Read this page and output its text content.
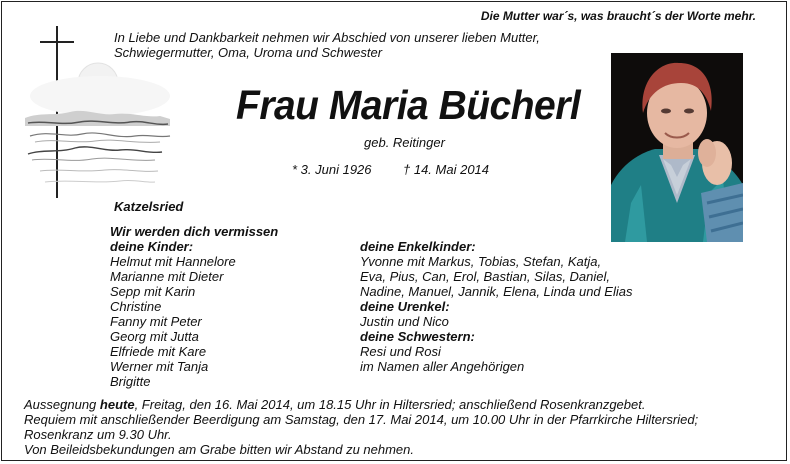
Die Mutter war´s, was braucht´s der Worte mehr.
In Liebe und Dankbarkeit nehmen wir Abschied von unserer lieben Mutter,
Schwiegermutter, Oma, Uroma und Schwester
Frau Maria Bücherl
geb. Reitinger
* 3. Juni 1926 † 14. Mai 2014
Katzelsried
Wir werden dich vermissen
deine Kinder:
Helmut mit Hannelore
Marianne mit Dieter
Sepp mit Karin
Christine
Fanny mit Peter
Georg mit Jutta
Elfriede mit Kare
Werner mit Tanja
Brigitte
deine Enkelkinder:
Yvonne mit Markus, Tobias, Stefan, Katja,
Eva, Pius, Can, Erol, Bastian, Silas, Daniel,
Nadine, Manuel, Jannik, Elena, Linda und Elias
deine Urenkel:
Justin und Nico
deine Schwestern:
Resi und Rosi
im Namen aller Angehörigen
Aussegnung heute, Freitag, den 16. Mai 2014, um 18.15 Uhr in Hiltersried; anschließend Rosenkranzgebet.
Requiem mit anschließender Beerdigung am Samstag, den 17. Mai 2014, um 10.00 Uhr in der Pfarrkirche Hiltersried;
Rosenkranz um 9.30 Uhr.
Von Beileidsbekundungen am Grabe bitten wir Abstand zu nehmen.
